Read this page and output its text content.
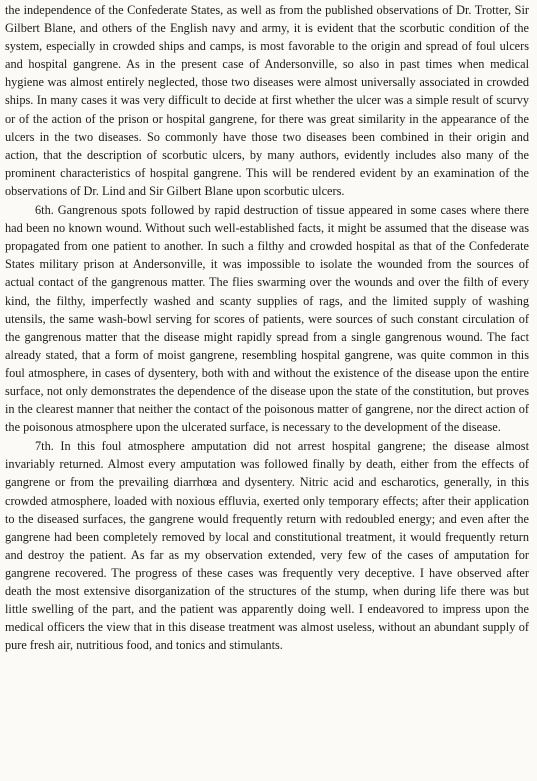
the independence of the Confederate States, as well as from the published observations of Dr. Trotter, Sir Gilbert Blane, and others of the English navy and army, it is evident that the scorbutic condition of the system, especially in crowded ships and camps, is most favorable to the origin and spread of foul ulcers and hospital gangrene. As in the present case of Andersonville, so also in past times when medical hygiene was almost entirely neglected, those two diseases were almost universally associated in crowded ships. In many cases it was very difficult to decide at first whether the ulcer was a simple result of scurvy or of the action of the prison or hospital gangrene, for there was great similarity in the appearance of the ulcers in the two diseases. So commonly have those two diseases been combined in their origin and action, that the description of scorbutic ulcers, by many authors, evidently includes also many of the prominent characteristics of hospital gangrene. This will be rendered evident by an examination of the observations of Dr. Lind and Sir Gilbert Blane upon scorbutic ulcers.

6th. Gangrenous spots followed by rapid destruction of tissue appeared in some cases where there had been no known wound. Without such well-established facts, it might be assumed that the disease was propagated from one patient to another. In such a filthy and crowded hospital as that of the Confederate States military prison at Andersonville, it was impossible to isolate the wounded from the sources of actual contact of the gangrenous matter. The flies swarming over the wounds and over the filth of every kind, the filthy, imperfectly washed and scanty supplies of rags, and the limited supply of washing utensils, the same wash-bowl serving for scores of patients, were sources of such constant circulation of the gangrenous matter that the disease might rapidly spread from a single gangrenous wound. The fact already stated, that a form of moist gangrene, resembling hospital gangrene, was quite common in this foul atmosphere, in cases of dysentery, both with and without the existence of the disease upon the entire surface, not only demonstrates the dependence of the disease upon the state of the constitution, but proves in the clearest manner that neither the contact of the poisonous matter of gangrene, nor the direct action of the poisonous atmosphere upon the ulcerated surface, is necessary to the development of the disease.

7th. In this foul atmosphere amputation did not arrest hospital gangrene; the disease almost invariably returned. Almost every amputation was followed finally by death, either from the effects of gangrene or from the prevailing diarrhœa and dysentery. Nitric acid and escharotics, generally, in this crowded atmosphere, loaded with noxious effluvia, exerted only temporary effects; after their application to the diseased surfaces, the gangrene would frequently return with redoubled energy; and even after the gangrene had been completely removed by local and constitutional treatment, it would frequently return and destroy the patient. As far as my observation extended, very few of the cases of amputation for gangrene recovered. The progress of these cases was frequently very deceptive. I have observed after death the most extensive disorganization of the structures of the stump, when during life there was but little swelling of the part, and the patient was apparently doing well. I endeavored to impress upon the medical officers the view that in this disease treatment was almost useless, without an abundant supply of pure fresh air, nutritious food, and tonics and stimulants.
